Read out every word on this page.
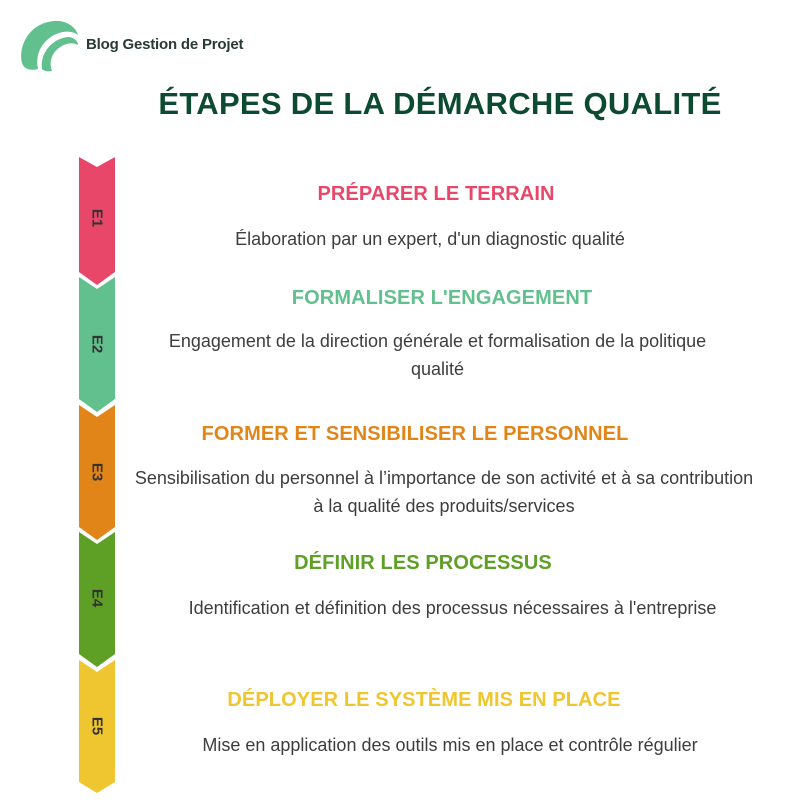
Blog Gestion de Projet
ÉTAPES DE LA DÉMARCHE QUALITÉ
E1
E2
E3
E4
E5
PRÉPARER LE TERRAIN
Élaboration par un expert, d'un diagnostic qualité
FORMALISER L'ENGAGEMENT
Engagement de la direction générale et formalisation de la politique qualité
FORMER ET SENSIBILISER LE PERSONNEL
Sensibilisation du personnel à l’importance de son activité et à sa contribution à la qualité des produits/services
DÉFINIR LES PROCESSUS
Identification et définition des processus nécessaires à l'entreprise
DÉPLOYER LE SYSTÈME MIS EN PLACE
Mise en application des outils mis en place et contrôle régulier
